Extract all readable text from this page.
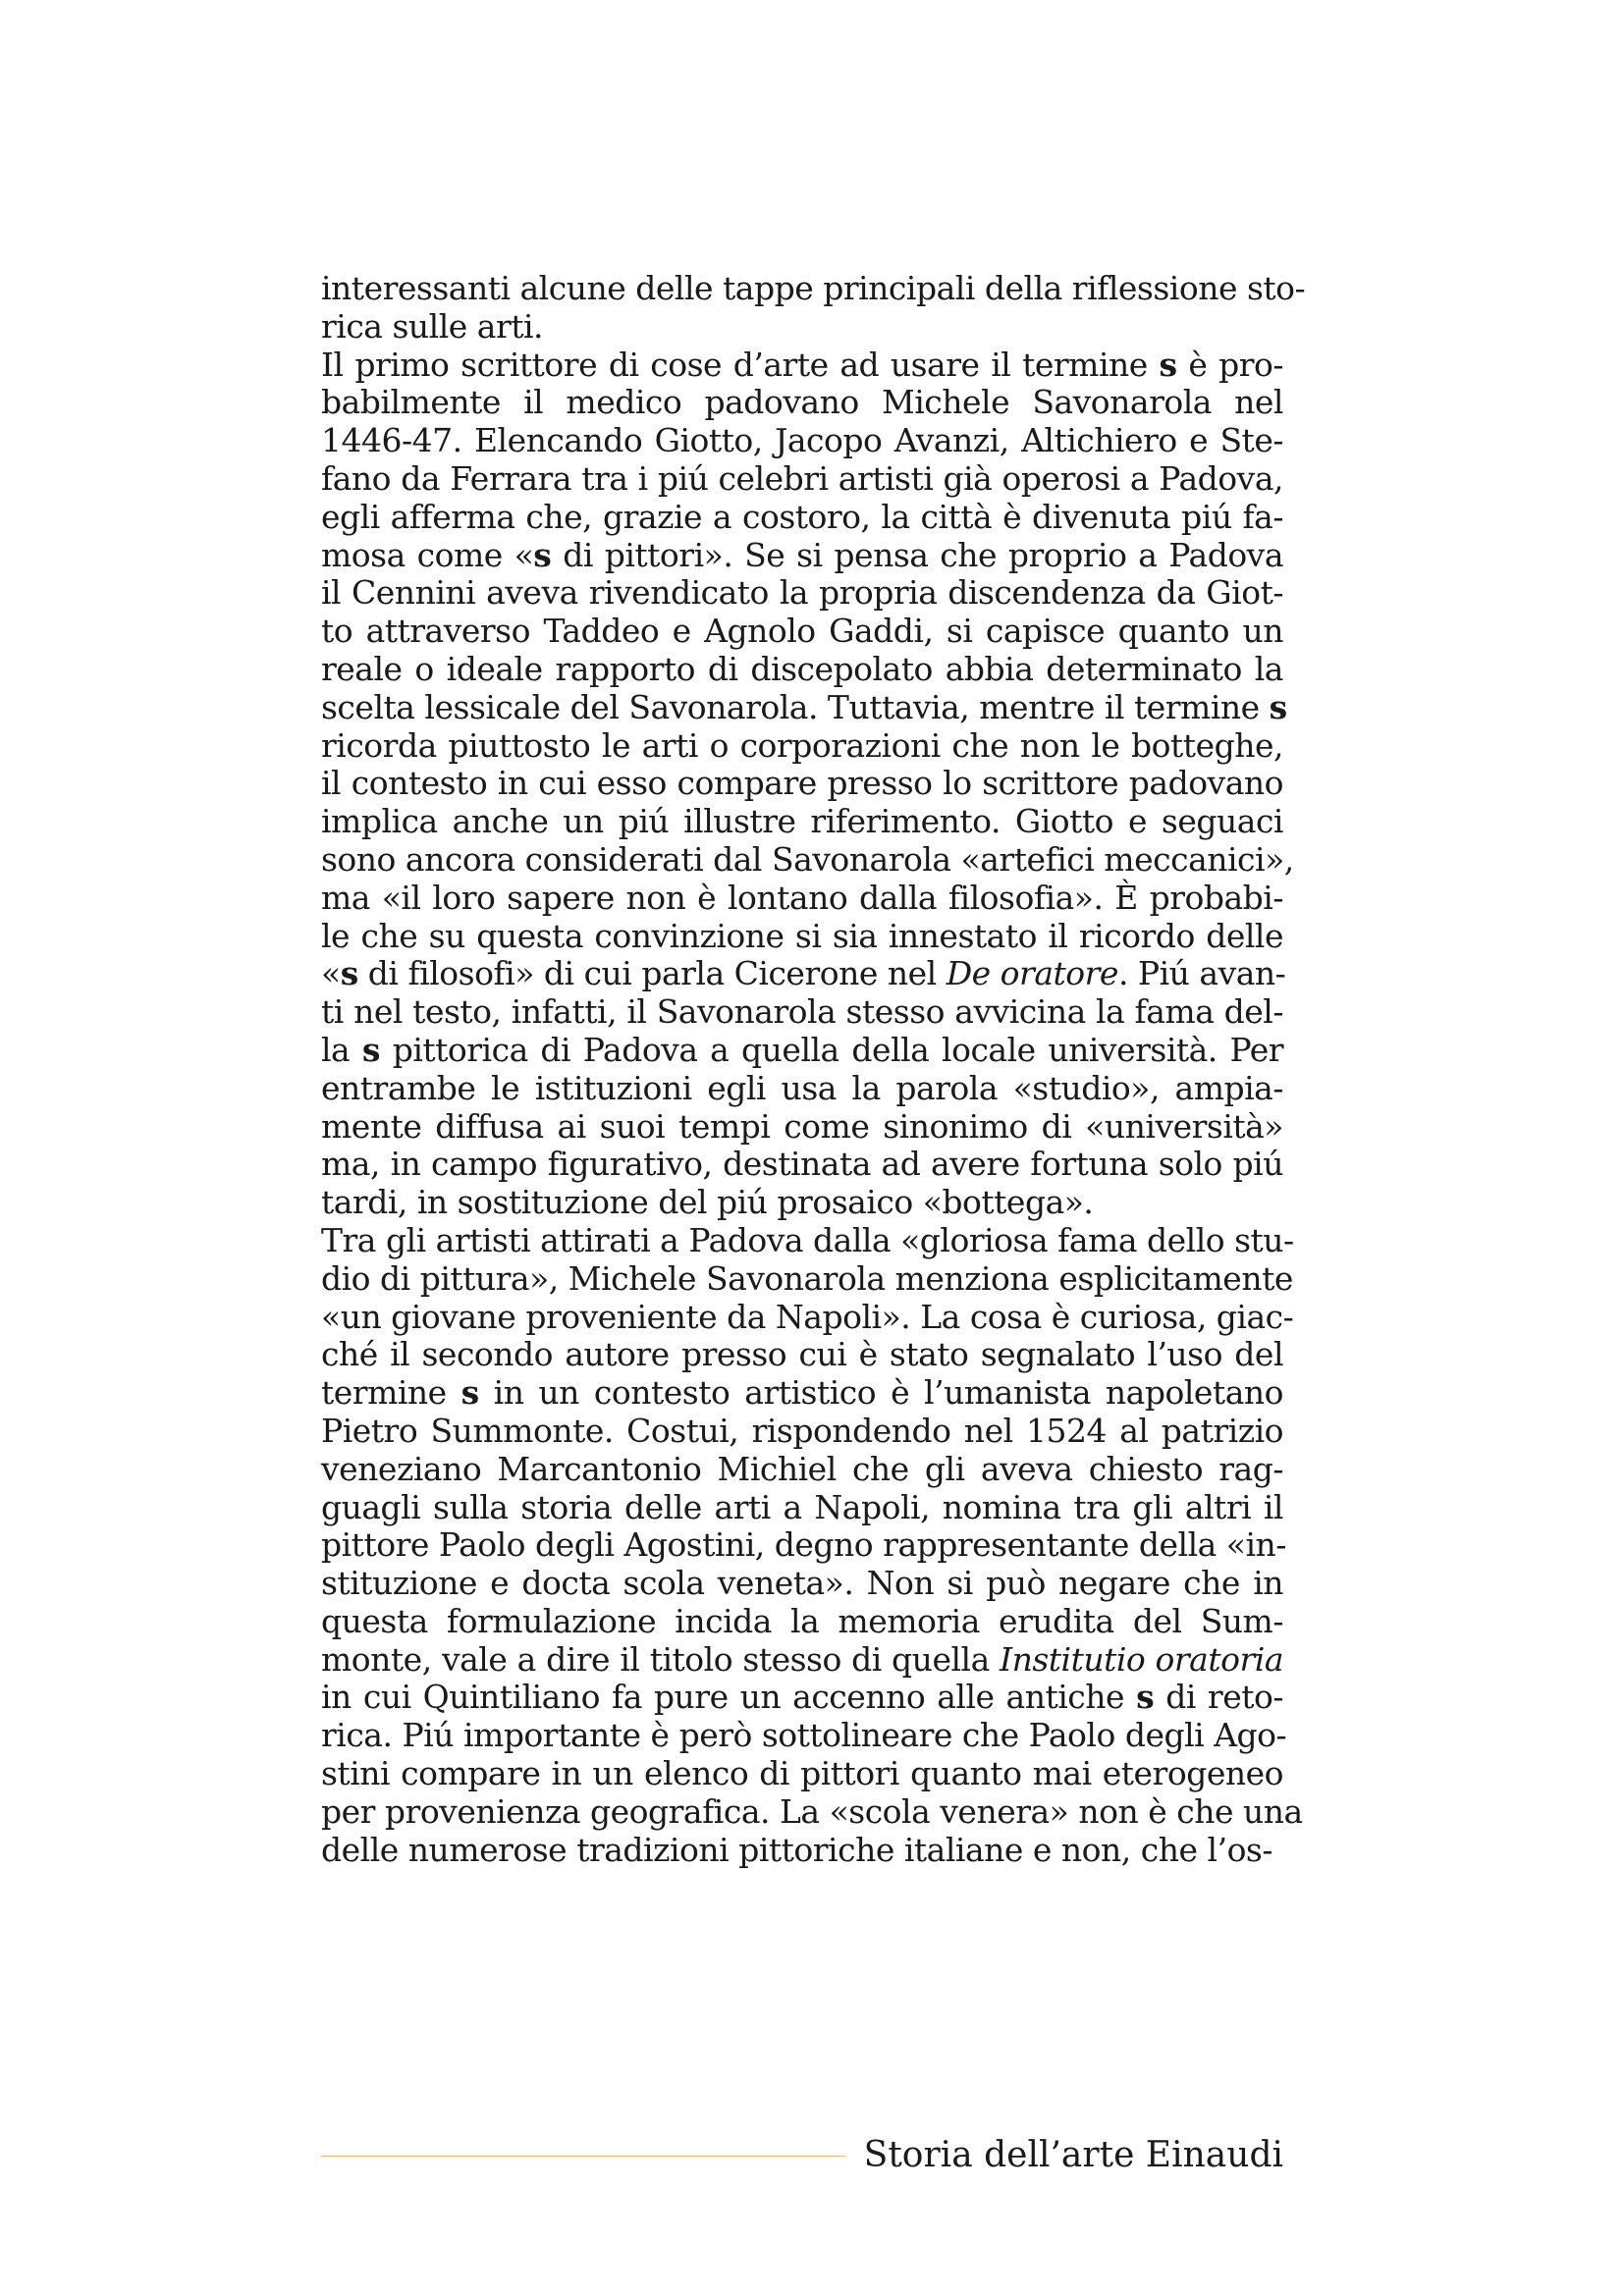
interessanti alcune delle tappe principali della riflessione sto-
rica sulle arti.
Il primo scrittore di cose d’arte ad usare il termine s è pro-
babilmente il medico padovano Michele Savonarola nel
1446-47. Elencando Giotto, Jacopo Avanzi, Altichiero e Ste-
fano da Ferrara tra i piú celebri artisti già operosi a Padova,
egli afferma che, grazie a costoro, la città è divenuta piú fa-
mosa come «s di pittori». Se si pensa che proprio a Padova
il Cennini aveva rivendicato la propria discendenza da Giot-
to attraverso Taddeo e Agnolo Gaddi, si capisce quanto un
reale o ideale rapporto di discepolato abbia determinato la
scelta lessicale del Savonarola. Tuttavia, mentre il termine s
ricorda piuttosto le arti o corporazioni che non le botteghe,
il contesto in cui esso compare presso lo scrittore padovano
implica anche un piú illustre riferimento. Giotto e seguaci
sono ancora considerati dal Savonarola «artefici meccanici»,
ma «il loro sapere non è lontano dalla filosofia». È probabi-
le che su questa convinzione si sia innestato il ricordo delle
«s di filosofi» di cui parla Cicerone nel De oratore. Piú avan-
ti nel testo, infatti, il Savonarola stesso avvicina la fama del-
la s pittorica di Padova a quella della locale università. Per
entrambe le istituzioni egli usa la parola «studio», ampia-
mente diffusa ai suoi tempi come sinonimo di «università»
ma, in campo figurativo, destinata ad avere fortuna solo piú
tardi, in sostituzione del piú prosaico «bottega».
Tra gli artisti attirati a Padova dalla «gloriosa fama dello stu-
dio di pittura», Michele Savonarola menziona esplicitamente
«un giovane proveniente da Napoli». La cosa è curiosa, giac-
ché il secondo autore presso cui è stato segnalato l’uso del
termine s in un contesto artistico è l’umanista napoletano
Pietro Summonte. Costui, rispondendo nel 1524 al patrizio
veneziano Marcantonio Michiel che gli aveva chiesto rag-
guagli sulla storia delle arti a Napoli, nomina tra gli altri il
pittore Paolo degli Agostini, degno rappresentante della «in-
stituzione e docta scola veneta». Non si può negare che in
questa formulazione incida la memoria erudita del Sum-
monte, vale a dire il titolo stesso di quella Institutio oratoria
in cui Quintiliano fa pure un accenno alle antiche s di reto-
rica. Piú importante è però sottolineare che Paolo degli Ago-
stini compare in un elenco di pittori quanto mai eterogeneo
per provenienza geografica. La «scola venera» non è che una
delle numerose tradizioni pittoriche italiane e non, che l’os-
Storia dell’arte Einaudi
